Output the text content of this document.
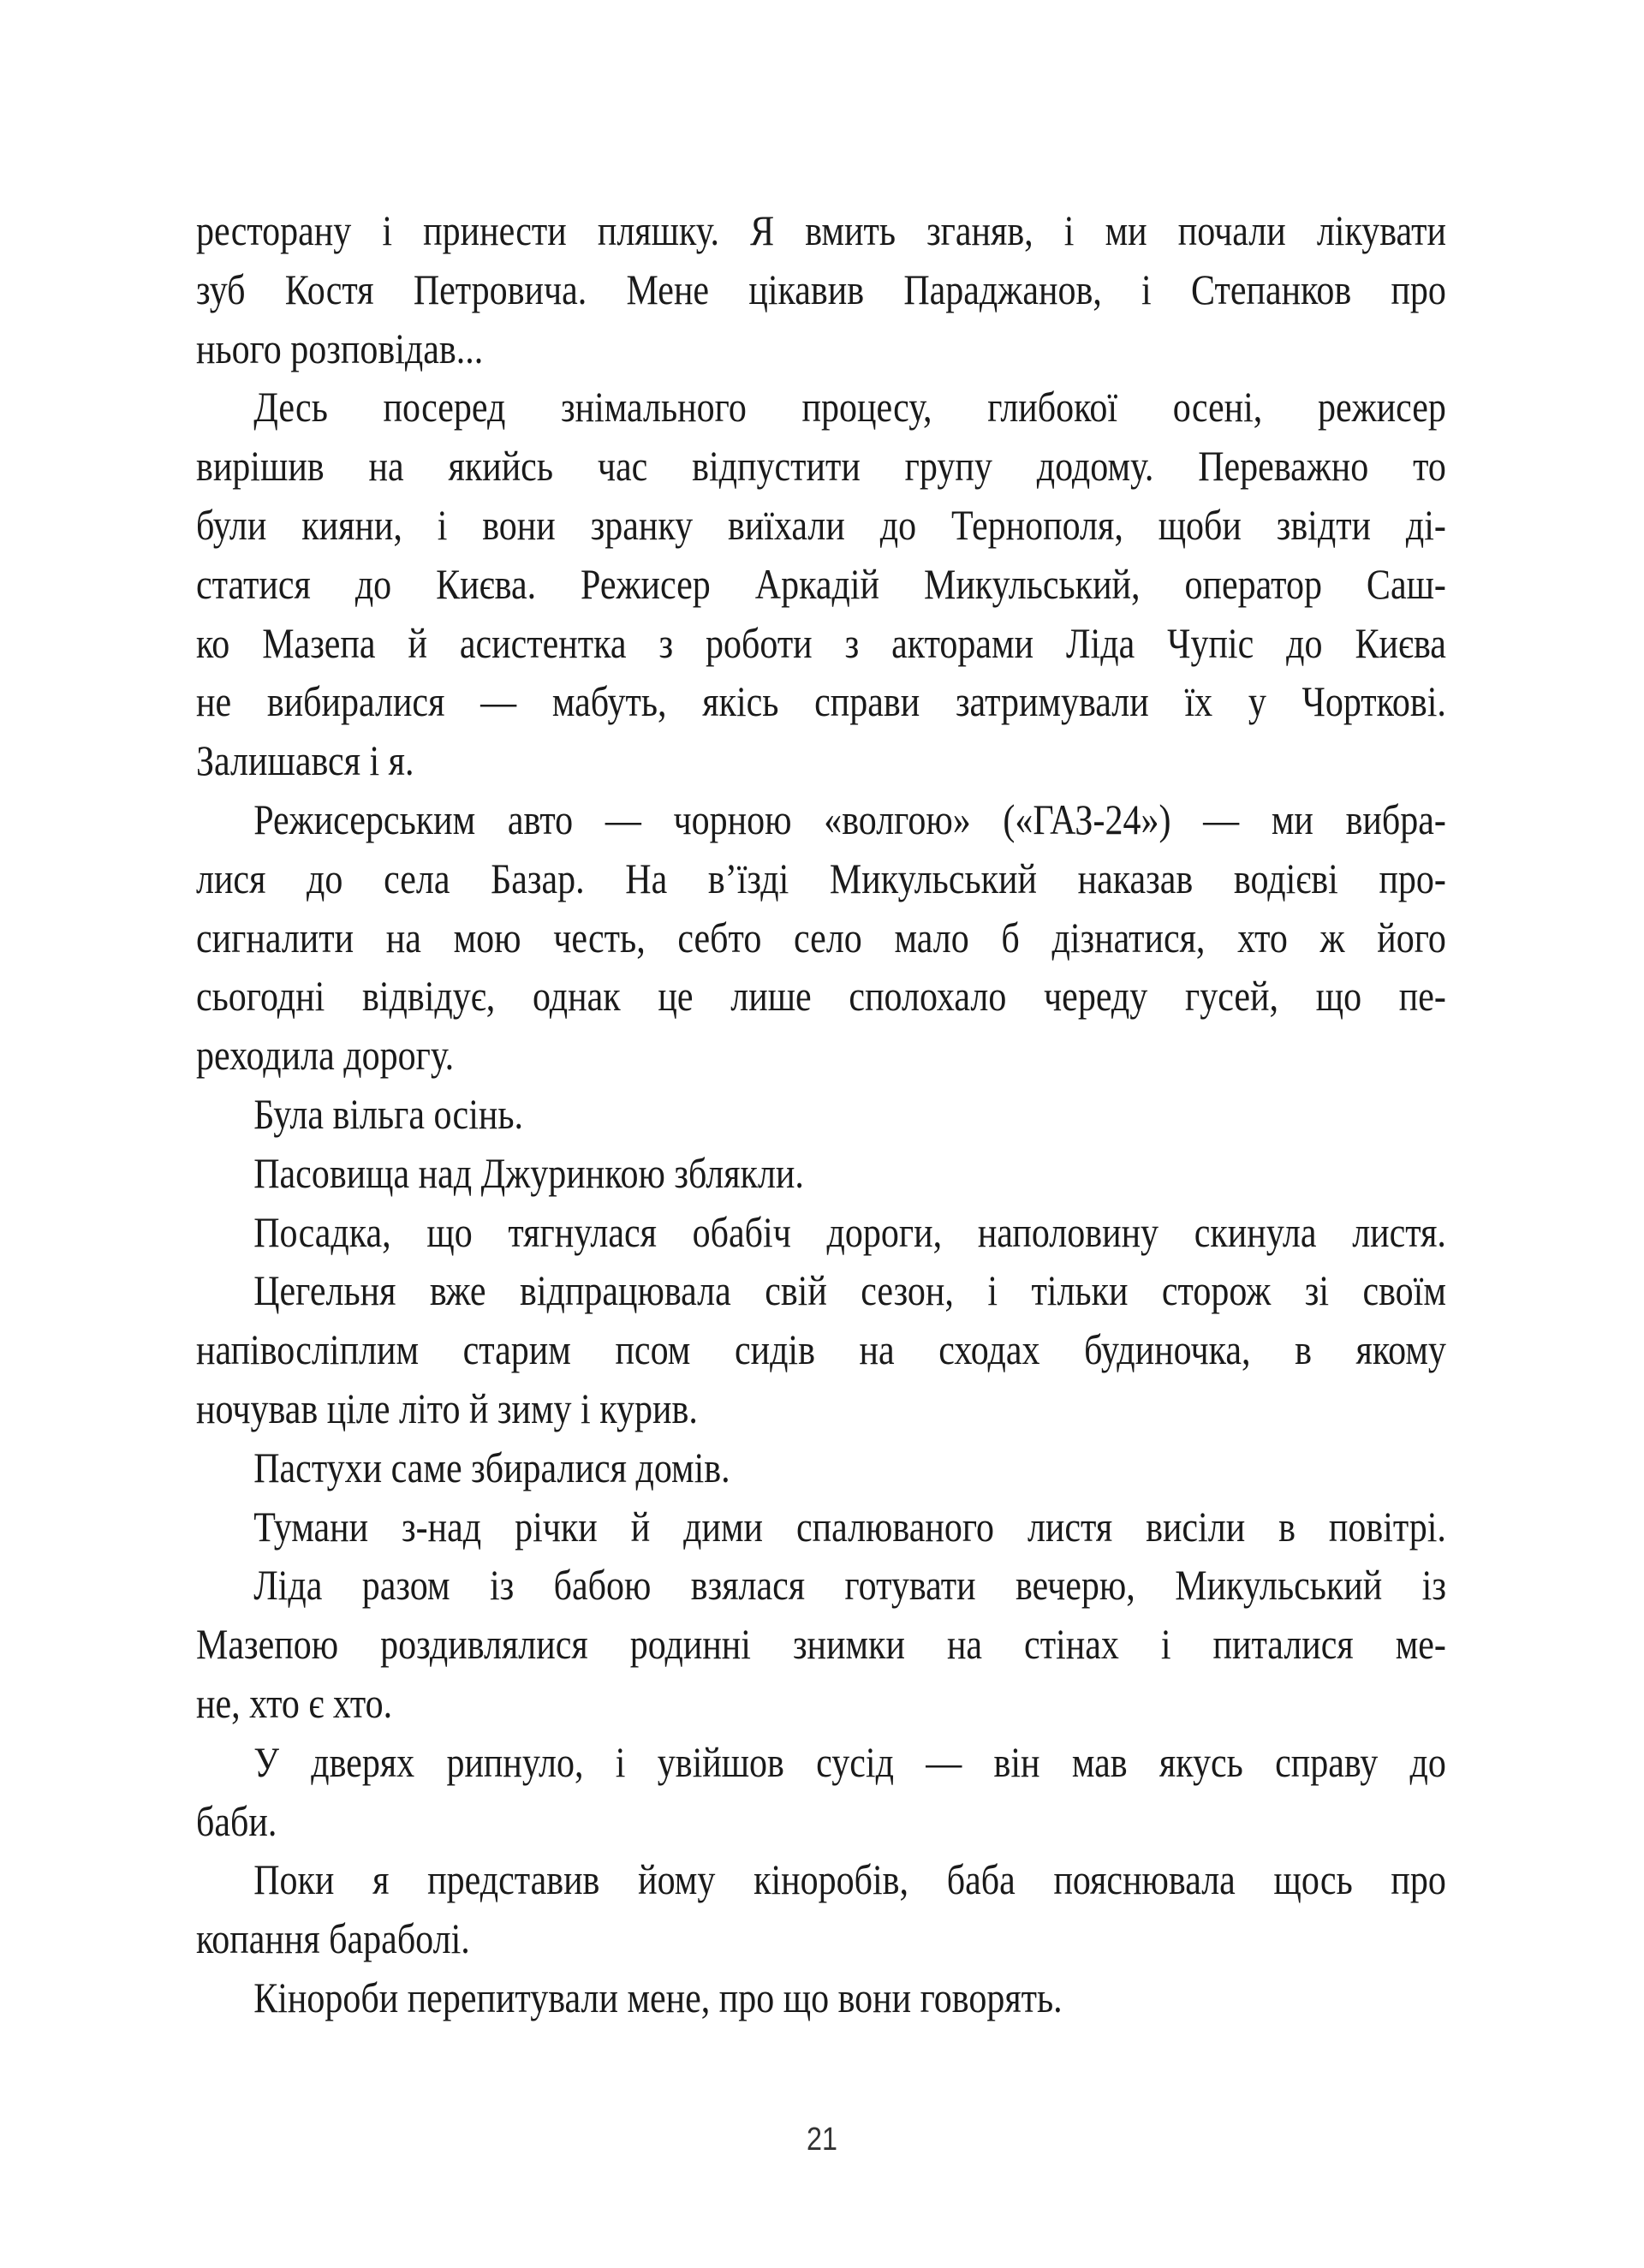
ресторану і принести пляшку. Я вмить зганяв, і ми почали лікувати
зуб Костя Петровича. Мене цікавив Параджанов, і Степанков про
нього розповідав...
Десь посеред знімального процесу, глибокої осені, режисер
вирішив на якийсь час відпустити групу додому. Переважно то
були кияни, і вони зранку виїхали до Тернополя, щоби звідти ді-
статися до Києва. Режисер Аркадій Микульський, оператор Саш-
ко Мазепа й асистентка з роботи з акторами Ліда Чупіс до Києва
не вибиралися — мабуть, якісь справи затримували їх у Чорткові.
Залишався і я.
Режисерським авто — чорною «волгою» («ГАЗ-24») — ми вибра-
лися до села Базар. На в’їзді Микульський наказав водієві про-
сигналити на мою честь, себто село мало б дізнатися, хто ж його
сьогодні відвідує, однак це лише сполохало череду гусей, що пе-
реходила дорогу.
Була вільга осінь.
Пасовища над Джуринкою зблякли.
Посадка, що тягнулася обабіч дороги, наполовину скинула листя.
Цегельня вже відпрацювала свій сезон, і тільки сторож зі своїм
напівосліплим старим псом сидів на сходах будиночка, в якому
ночував ціле літо й зиму і курив.
Пастухи саме збиралися домів.
Тумани з-над річки й дими спалюваного листя висіли в повітрі.
Ліда разом із бабою взялася готувати вечерю, Микульський із
Мазепою роздивлялися родинні знимки на стінах і питалися ме-
не, хто є хто.
У дверях рипнуло, і увійшов сусід — він мав якусь справу до
баби.
Поки я представив йому кіноробів, баба пояснювала щось про
копання бараболі.
Кінороби перепитували мене, про що вони говорять.
21
